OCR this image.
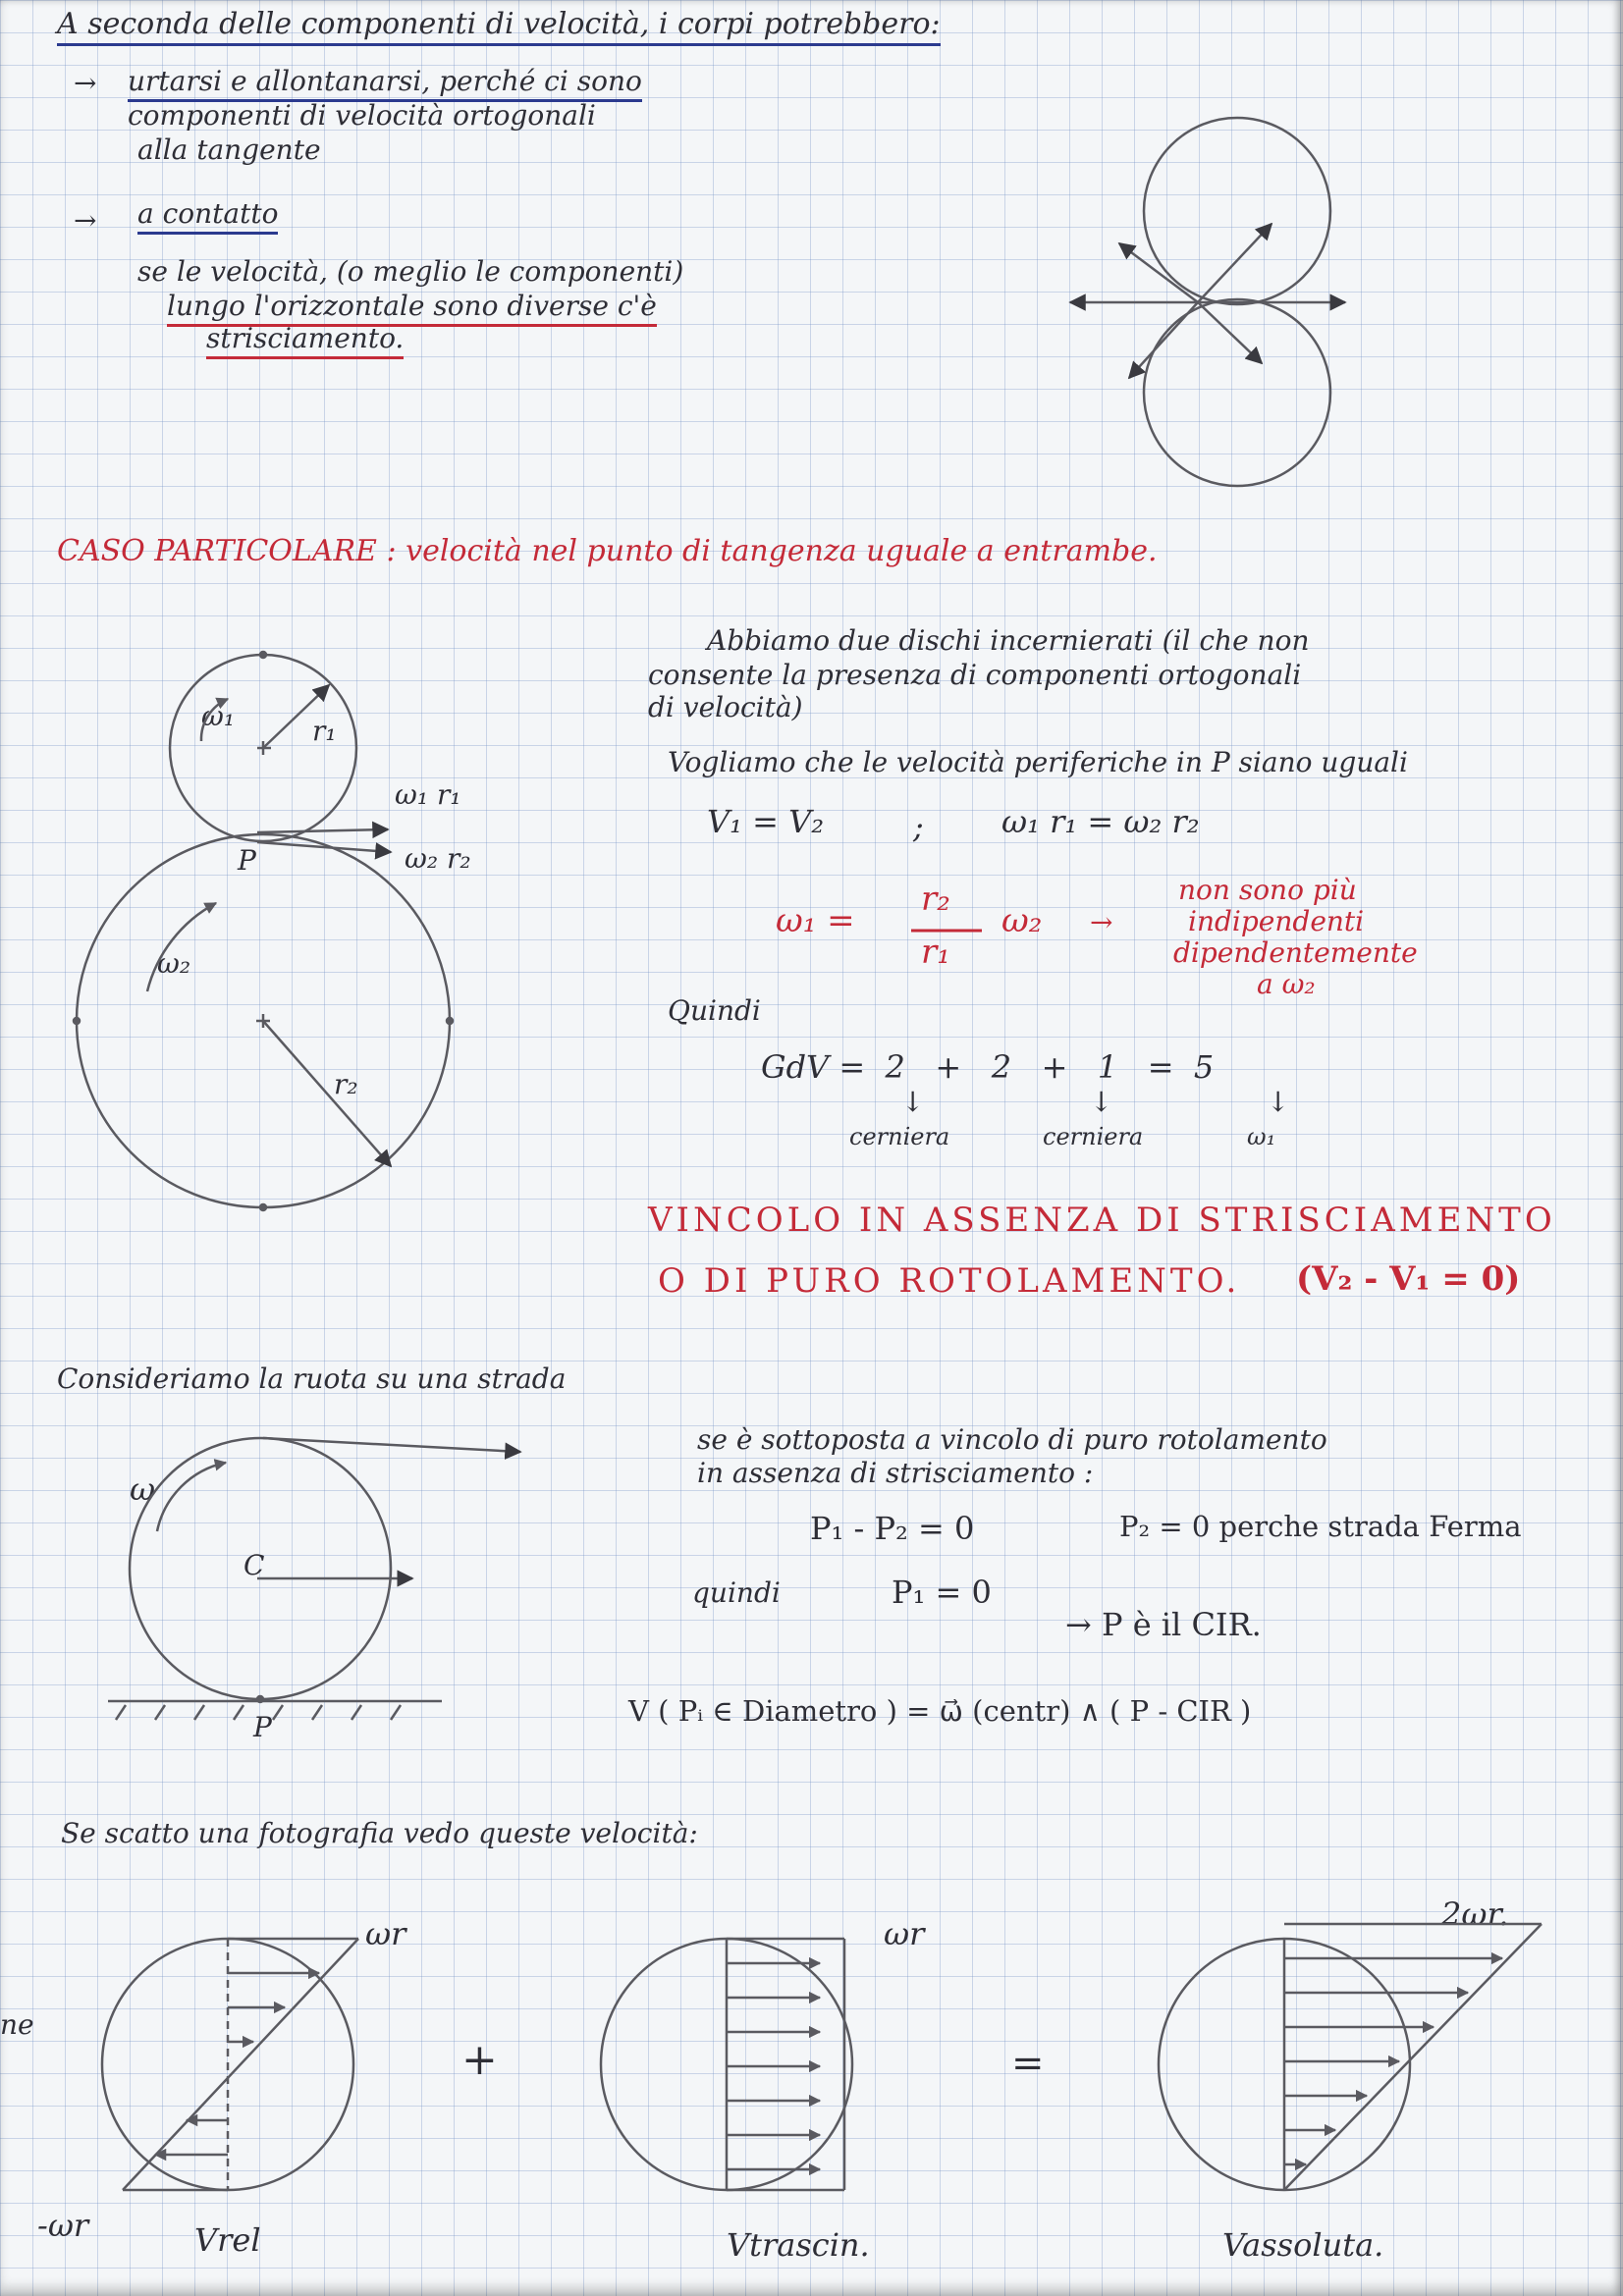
A seconda delle componenti di velocità, i corpi potrebbero:
→ urtarsi e allontanarsi, perché ci sono
componenti di velocità ortogonali
alla tangente
→ a contatto
se le velocità, (o meglio le componenti)
lungo l'orizzontale sono diverse c'è
strisciamento.
CASO PARTICOLARE : velocità nel punto di tangenza uguale a entrambe.
Abbiamo due dischi incernierati (il che non
consente la presenza di componenti ortogonali
di velocità)
Vogliamo che le velocità periferiche in P siano uguali
V₁ = V₂	; ω₁ r₁ = ω₂ r₂
ω₁ =
r₂
r₁
ω₂ →
non sono più
indipendenti
dipendentemente
a ω₂
Quindi
GdV =  2   +   2   +   1   =  5
↓	↓	↓
cerniera	cerniera	ω₁
VINCOLO IN ASSENZA DI STRISCIAMENTO
O DI PURO ROTOLAMENTO. (V₂ - V₁ = 0)
Consideriamo la ruota su una strada
se è sottoposta a vincolo di puro rotolamento
in assenza di strisciamento :
P₁ - P₂ = 0	P₂ = 0 perche strada Ferma
quindi	P₁ = 0
→ P è il CIR.
V ( Pᵢ ∈ Diametro ) = ω⃗ (centr) ∧ ( P - CIR )
Se scatto una fotografia vedo queste velocità:
ωr
-ωr	Vrel
+
ωr
Vtrascin.
=
2ωr.
Vassoluta.
ω₁	r₁
ω₁ r₁
ω₂ r₂
P
ω₂
r₂
ω
C
P
ne
